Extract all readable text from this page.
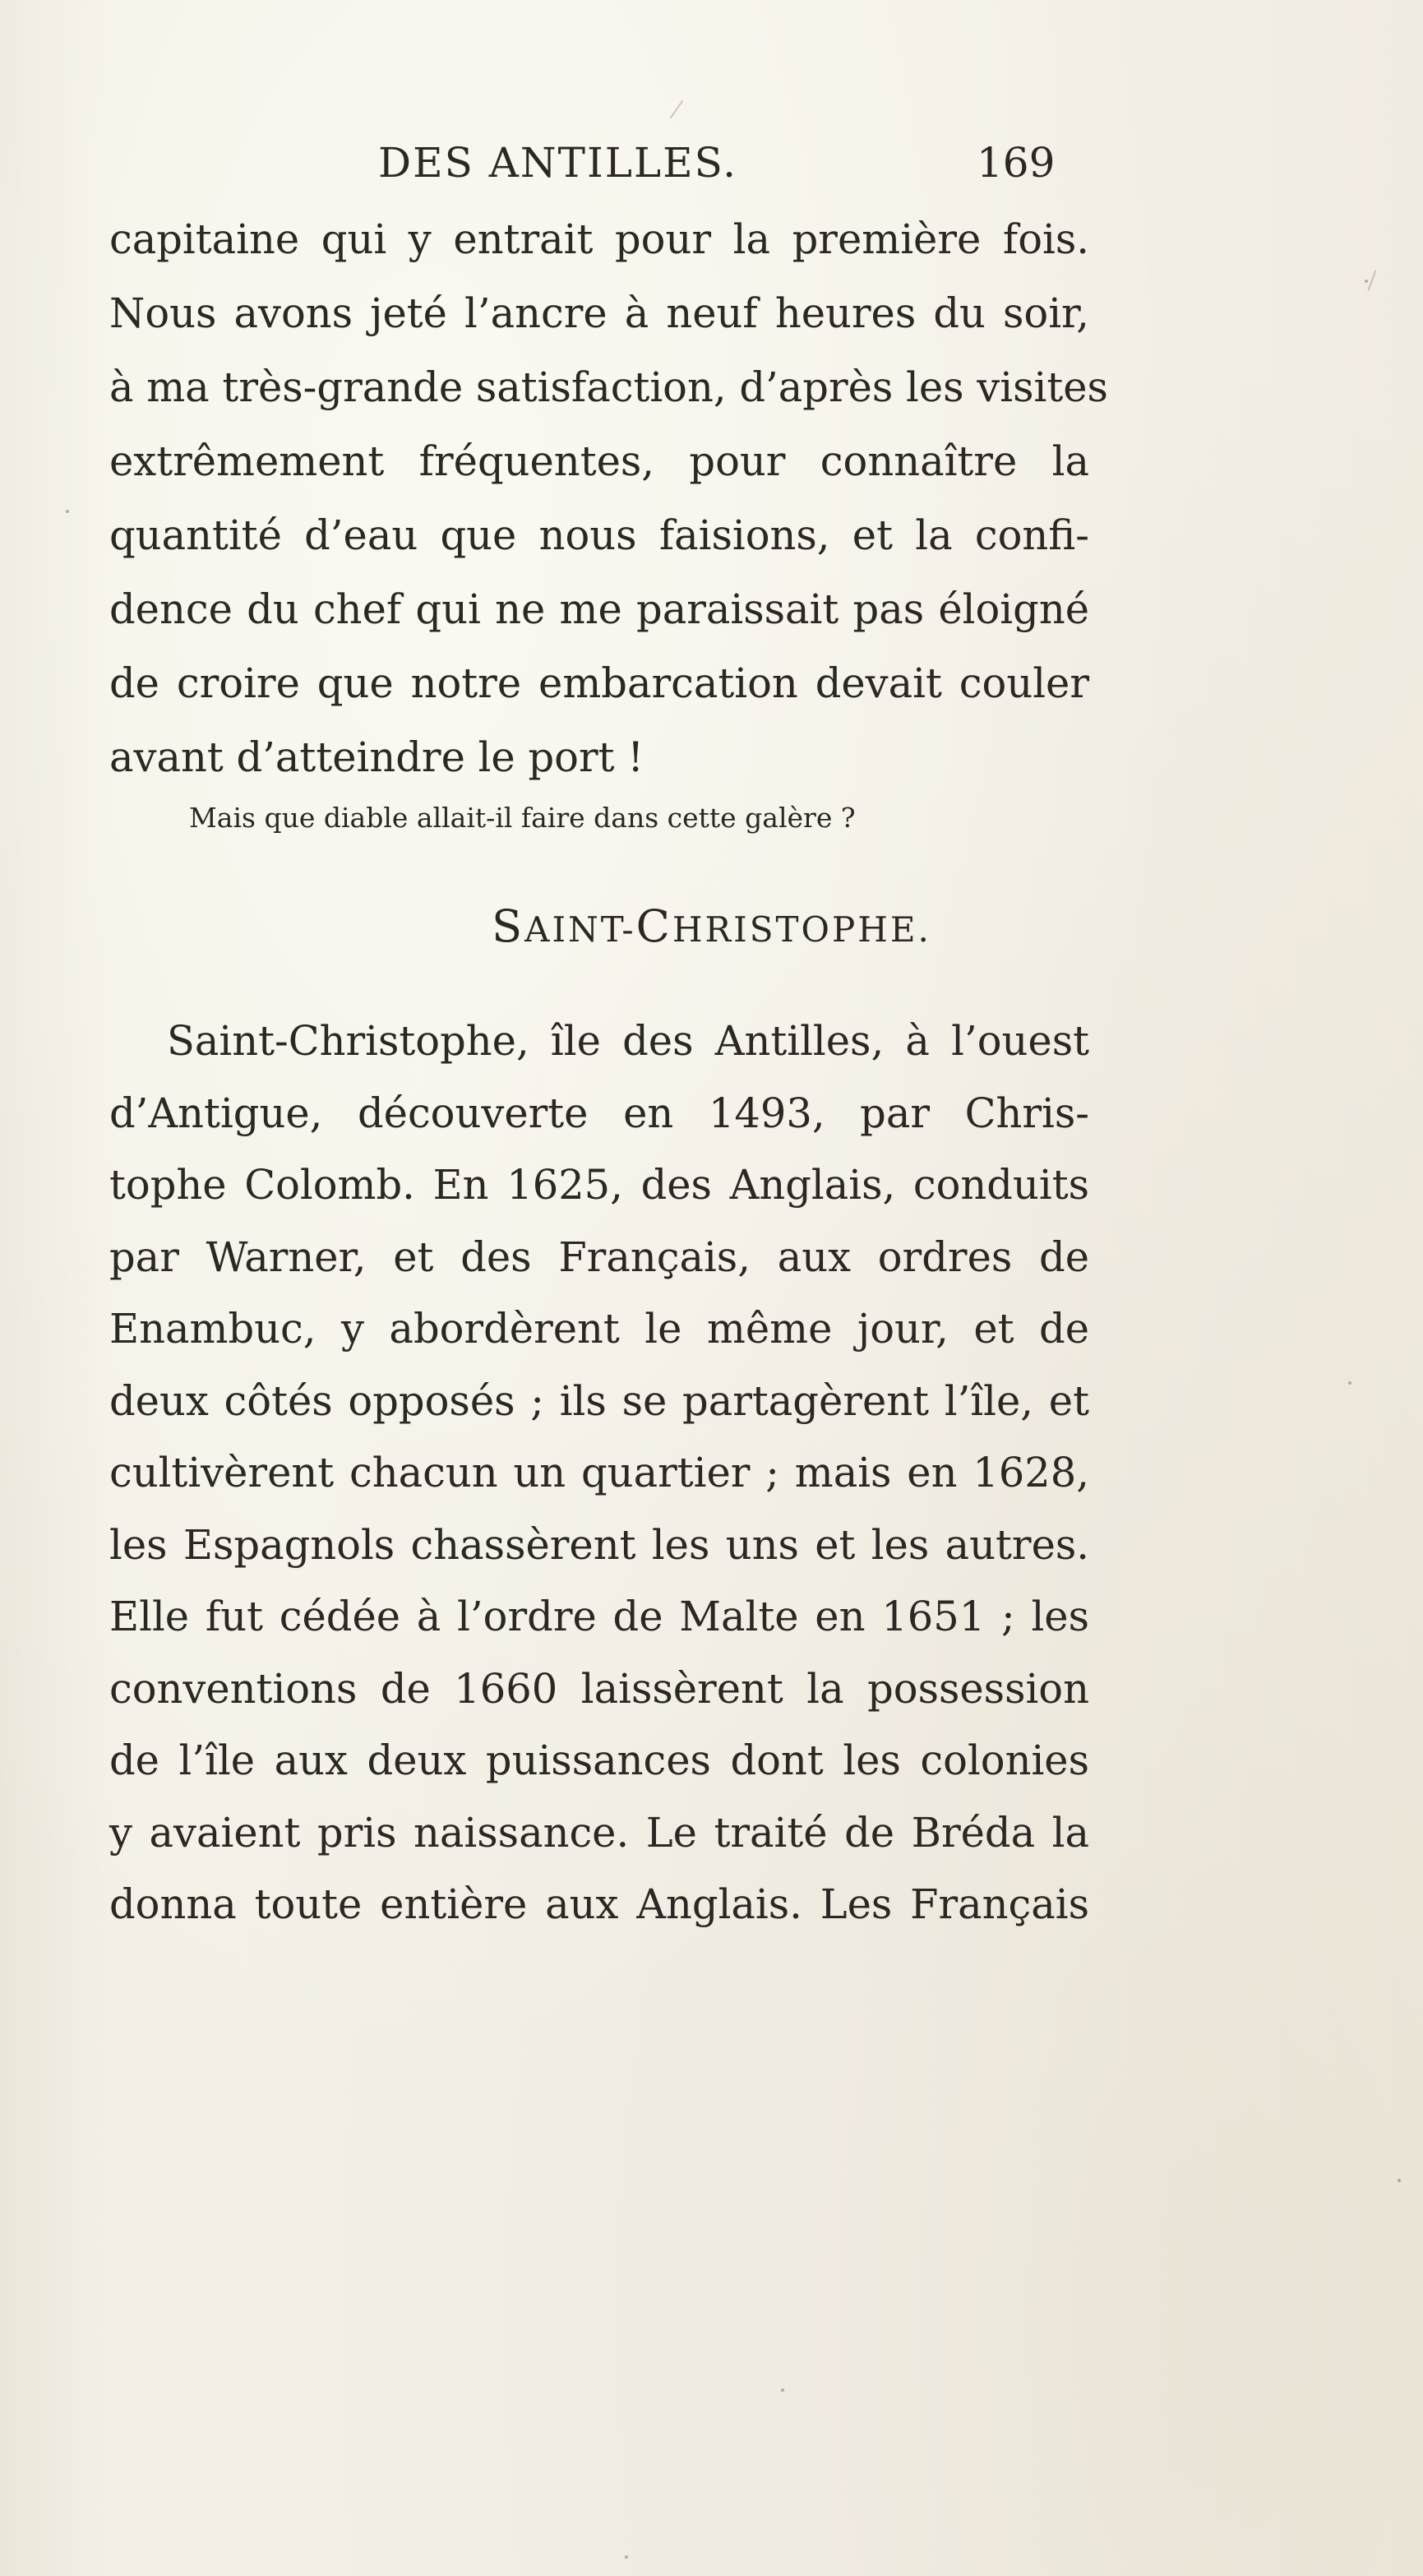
DES ANTILLES.	169
capitaine qui y entrait pour la première fois.
Nous avons jeté l’ancre à neuf heures du soir,
à ma très-grande satisfaction, d’après les visites
extrêmement fréquentes, pour connaître la
quantité d’eau que nous faisions, et la confi-
dence du chef qui ne me paraissait pas éloigné
de croire que notre embarcation devait couler
avant d’atteindre le port !
Mais que diable allait-il faire dans cette galère ?
SAINT-CHRISTOPHE.
Saint-Christophe, île des Antilles, à l’ouest
d’Antigue, découverte en 1493, par Chris-
tophe Colomb. En 1625, des Anglais, conduits
par Warner, et des Français, aux ordres de
Enambuc, y abordèrent le même jour, et de
deux côtés opposés ; ils se partagèrent l’île, et
cultivèrent chacun un quartier ; mais en 1628,
les Espagnols chassèrent les uns et les autres.
Elle fut cédée à l’ordre de Malte en 1651 ; les
conventions de 1660 laissèrent la possession
de l’île aux deux puissances dont les colonies
y avaient pris naissance. Le traité de Bréda la
donna toute entière aux Anglais. Les Français
